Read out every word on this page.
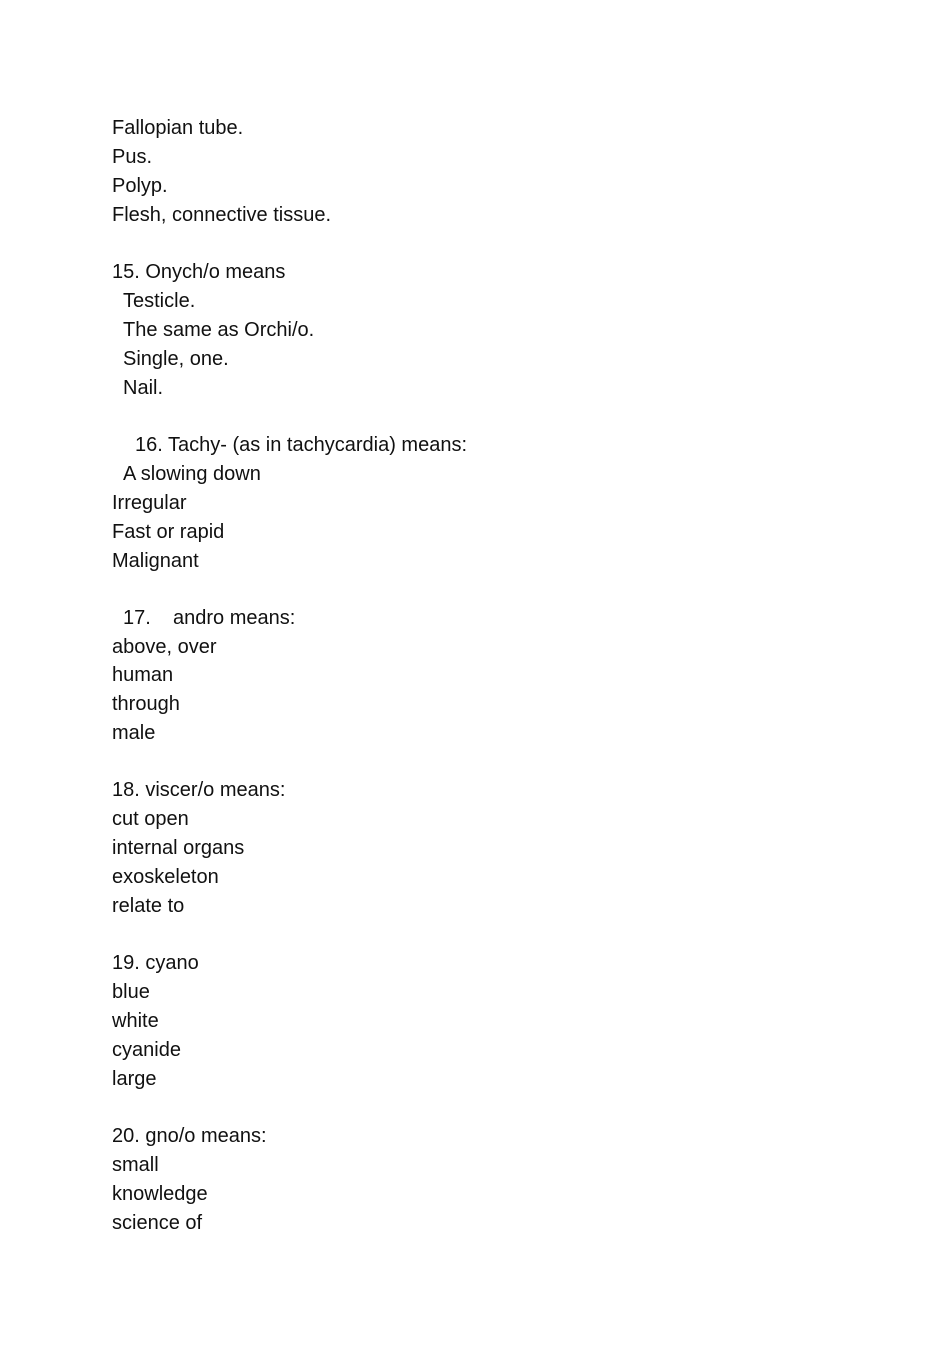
Fallopian tube.
Pus.
Polyp.
Flesh, connective tissue.
15. Onych/o means
Testicle.
The same as Orchi/o.
Single, one.
Nail.
16. Tachy- (as in tachycardia) means:
A slowing down
Irregular
Fast or rapid
Malignant
17.    andro means:
above, over
human
through
male
18. viscer/o means:
cut open
internal organs
exoskeleton
relate to
19. cyano
blue
white
cyanide
large
20. gno/o means:
small
knowledge
science of
